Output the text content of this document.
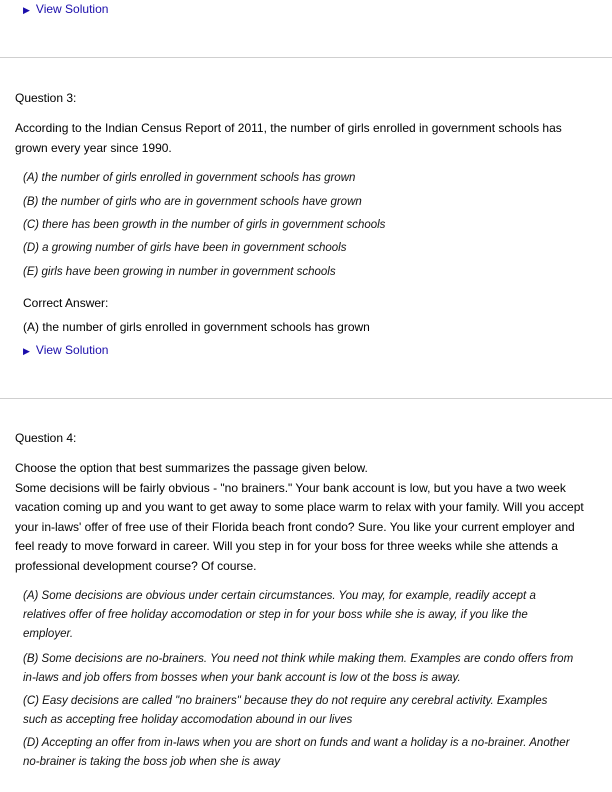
▶ View Solution
Question 3:
According to the Indian Census Report of 2011, the number of girls enrolled in government schools has
grown every year since 1990.
(A) the number of girls enrolled in government schools has grown
(B) the number of girls who are in government schools have grown
(C) there has been growth in the number of girls in government schools
(D) a growing number of girls have been in government schools
(E) girls have been growing in number in government schools
Correct Answer:
(A) the number of girls enrolled in government schools has grown
▶ View Solution
Question 4:
Choose the option that best summarizes the passage given below.
Some decisions will be fairly obvious - "no brainers." Your bank account is low, but you have a two week
vacation coming up and you want to get away to some place warm to relax with your family. Will you accept
your in-laws' offer of free use of their Florida beach front condo? Sure. You like your current employer and
feel ready to move forward in career. Will you step in for your boss for three weeks while she attends a
professional development course? Of course.
(A) Some decisions are obvious under certain circumstances. You may, for example, readily accept a
relatives offer of free holiday accomodation or step in for your boss while she is away, if you like the
employer.
(B) Some decisions are no-brainers. You need not think while making them. Examples are condo offers from
in-laws and job offers from bosses when your bank account is low ot the boss is away.
(C) Easy decisions are called "no brainers" because they do not require any cerebral activity. Examples
such as accepting free holiday accomodation abound in our lives
(D) Accepting an offer from in-laws when you are short on funds and want a holiday is a no-brainer. Another
no-brainer is taking the boss job when she is away
